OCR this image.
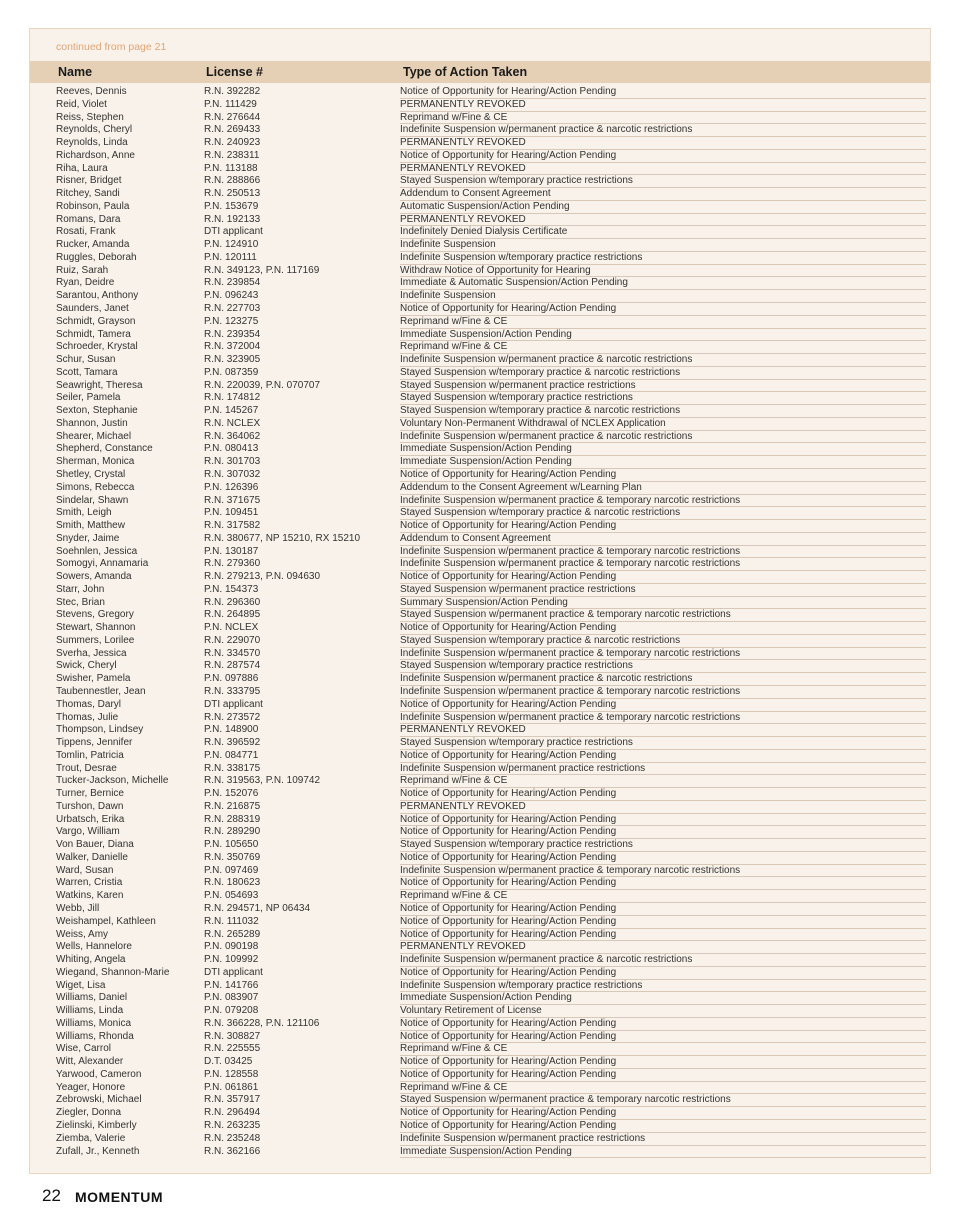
continued from page 21
Name	License #	Type of Action Taken
Reeves, Dennis	R.N. 392282	Notice of Opportunity for Hearing/Action Pending
Reid, Violet	P.N. 111429	PERMANENTLY REVOKED
Reiss, Stephen	R.N. 276644	Reprimand w/Fine & CE
Reynolds, Cheryl	R.N. 269433	Indefinite Suspension w/permanent practice & narcotic restrictions
Reynolds, Linda	R.N. 240923	PERMANENTLY REVOKED
Richardson, Anne	R.N. 238311	Notice of Opportunity for Hearing/Action Pending
Riha, Laura	P.N. 113188	PERMANENTLY REVOKED
Risner, Bridget	R.N. 288866	Stayed Suspension w/temporary practice restrictions
Ritchey, Sandi	R.N. 250513	Addendum to Consent Agreement
Robinson, Paula	P.N. 153679	Automatic Suspension/Action Pending
Romans, Dara	R.N. 192133	PERMANENTLY REVOKED
Rosati, Frank	DTI applicant	Indefinitely Denied Dialysis Certificate
Rucker, Amanda	P.N. 124910	Indefinite Suspension
Ruggles, Deborah	P.N. 120111	Indefinite Suspension w/temporary practice restrictions
Ruiz, Sarah	R.N. 349123, P.N. 117169	Withdraw Notice of Opportunity for Hearing
Ryan, Deidre	R.N. 239854	Immediate & Automatic Suspension/Action Pending
Sarantou, Anthony	P.N. 096243	Indefinite Suspension
Saunders, Janet	R.N. 227703	Notice of Opportunity for Hearing/Action Pending
Schmidt, Grayson	P.N. 123275	Reprimand w/Fine & CE
Schmidt, Tamera	R.N. 239354	Immediate Suspension/Action Pending
Schroeder, Krystal	R.N. 372004	Reprimand w/Fine & CE
Schur, Susan	R.N. 323905	Indefinite Suspension w/permanent practice & narcotic restrictions
Scott, Tamara	P.N. 087359	Stayed Suspension w/temporary practice & narcotic restrictions
Seawright, Theresa	R.N. 220039, P.N. 070707	Stayed Suspension w/permanent practice restrictions
Seiler, Pamela	R.N. 174812	Stayed Suspension w/temporary practice restrictions
Sexton, Stephanie	P.N. 145267	Stayed Suspension w/temporary practice & narcotic restrictions
Shannon, Justin	R.N. NCLEX	Voluntary Non-Permanent Withdrawal of NCLEX Application
Shearer, Michael	R.N. 364062	Indefinite Suspension w/permanent practice & narcotic restrictions
Shepherd, Constance	P.N. 080413	Immediate Suspension/Action Pending
Sherman, Monica	R.N. 301703	Immediate Suspension/Action Pending
Shetley, Crystal	R.N. 307032	Notice of Opportunity for Hearing/Action Pending
Simons, Rebecca	P.N. 126396	Addendum to the Consent Agreement w/Learning Plan
Sindelar, Shawn	R.N. 371675	Indefinite Suspension w/permanent practice & temporary narcotic restrictions
Smith, Leigh	P.N. 109451	Stayed Suspension w/temporary practice & narcotic restrictions
Smith, Matthew	R.N. 317582	Notice of Opportunity for Hearing/Action Pending
Snyder, Jaime	R.N. 380677, NP 15210, RX 15210	Addendum to Consent Agreement
Soehnlen, Jessica	P.N. 130187	Indefinite Suspension w/permanent practice & temporary narcotic restrictions
Somogyi, Annamaria	R.N. 279360	Indefinite Suspension w/permanent practice & temporary narcotic restrictions
Sowers, Amanda	R.N. 279213, P.N. 094630	Notice of Opportunity for Hearing/Action Pending
Starr, John	P.N. 154373	Stayed Suspension w/permanent practice restrictions
Stec, Brian	R.N. 296360	Summary Suspension/Action Pending
Stevens, Gregory	R.N. 264895	Stayed Suspension w/permanent practice & temporary narcotic restrictions
Stewart, Shannon	P.N. NCLEX	Notice of Opportunity for Hearing/Action Pending
Summers, Lorilee	R.N. 229070	Stayed Suspension w/temporary practice & narcotic restrictions
Sverha, Jessica	R.N. 334570	Indefinite Suspension w/permanent practice & temporary narcotic restrictions
Swick, Cheryl	R.N. 287574	Stayed Suspension w/temporary practice restrictions
Swisher, Pamela	P.N. 097886	Indefinite Suspension w/permanent practice & narcotic restrictions
Taubennestler, Jean	R.N. 333795	Indefinite Suspension w/permanent practice & temporary narcotic restrictions
Thomas, Daryl	DTI applicant	Notice of Opportunity for Hearing/Action Pending
Thomas, Julie	R.N. 273572	Indefinite Suspension w/permanent practice & temporary narcotic restrictions
Thompson, Lindsey	P.N. 148900	PERMANENTLY REVOKED
Tippens, Jennifer	R.N. 396592	Stayed Suspension w/temporary practice restrictions
Tomlin, Patricia	P.N. 084771	Notice of Opportunity for Hearing/Action Pending
Trout, Desrae	R.N. 338175	Indefinite Suspension w/permanent practice restrictions
Tucker-Jackson, Michelle	R.N. 319563, P.N. 109742	Reprimand w/Fine & CE
Turner, Bernice	P.N. 152076	Notice of Opportunity for Hearing/Action Pending
Turshon, Dawn	R.N. 216875	PERMANENTLY REVOKED
Urbatsch, Erika	R.N. 288319	Notice of Opportunity for Hearing/Action Pending
Vargo, William	R.N. 289290	Notice of Opportunity for Hearing/Action Pending
Von Bauer, Diana	P.N. 105650	Stayed Suspension w/temporary practice restrictions
Walker, Danielle	R.N. 350769	Notice of Opportunity for Hearing/Action Pending
Ward, Susan	P.N. 097469	Indefinite Suspension w/permanent practice & temporary narcotic restrictions
Warren, Cristia	R.N. 180623	Notice of Opportunity for Hearing/Action Pending
Watkins, Karen	P.N. 054693	Reprimand w/Fine & CE
Webb, Jill	R.N. 294571, NP 06434	Notice of Opportunity for Hearing/Action Pending
Weishampel, Kathleen	R.N. 111032	Notice of Opportunity for Hearing/Action Pending
Weiss, Amy	R.N. 265289	Notice of Opportunity for Hearing/Action Pending
Wells, Hannelore	P.N. 090198	PERMANENTLY REVOKED
Whiting, Angela	P.N. 109992	Indefinite Suspension w/permanent practice & narcotic restrictions
Wiegand, Shannon-Marie	DTI applicant	Notice of Opportunity for Hearing/Action Pending
Wiget, Lisa	P.N. 141766	Indefinite Suspension w/temporary practice restrictions
Williams, Daniel	P.N. 083907	Immediate Suspension/Action Pending
Williams, Linda	P.N. 079208	Voluntary Retirement of License
Williams, Monica	R.N. 366228, P.N. 121106	Notice of Opportunity for Hearing/Action Pending
Williams, Rhonda	R.N. 308827	Notice of Opportunity for Hearing/Action Pending
Wise, Carrol	R.N. 225555	Reprimand w/Fine & CE
Witt, Alexander	D.T. 03425	Notice of Opportunity for Hearing/Action Pending
Yarwood, Cameron	P.N. 128558	Notice of Opportunity for Hearing/Action Pending
Yeager, Honore	P.N. 061861	Reprimand w/Fine & CE
Zebrowski, Michael	R.N. 357917	Stayed Suspension w/permanent practice & temporary narcotic restrictions
Ziegler, Donna	R.N. 296494	Notice of Opportunity for Hearing/Action Pending
Zielinski, Kimberly	R.N. 263235	Notice of Opportunity for Hearing/Action Pending
Ziemba, Valerie	R.N. 235248	Indefinite Suspension w/permanent practice restrictions
Zufall, Jr., Kenneth	R.N. 362166	Immediate Suspension/Action Pending
22 MOMENTUM
